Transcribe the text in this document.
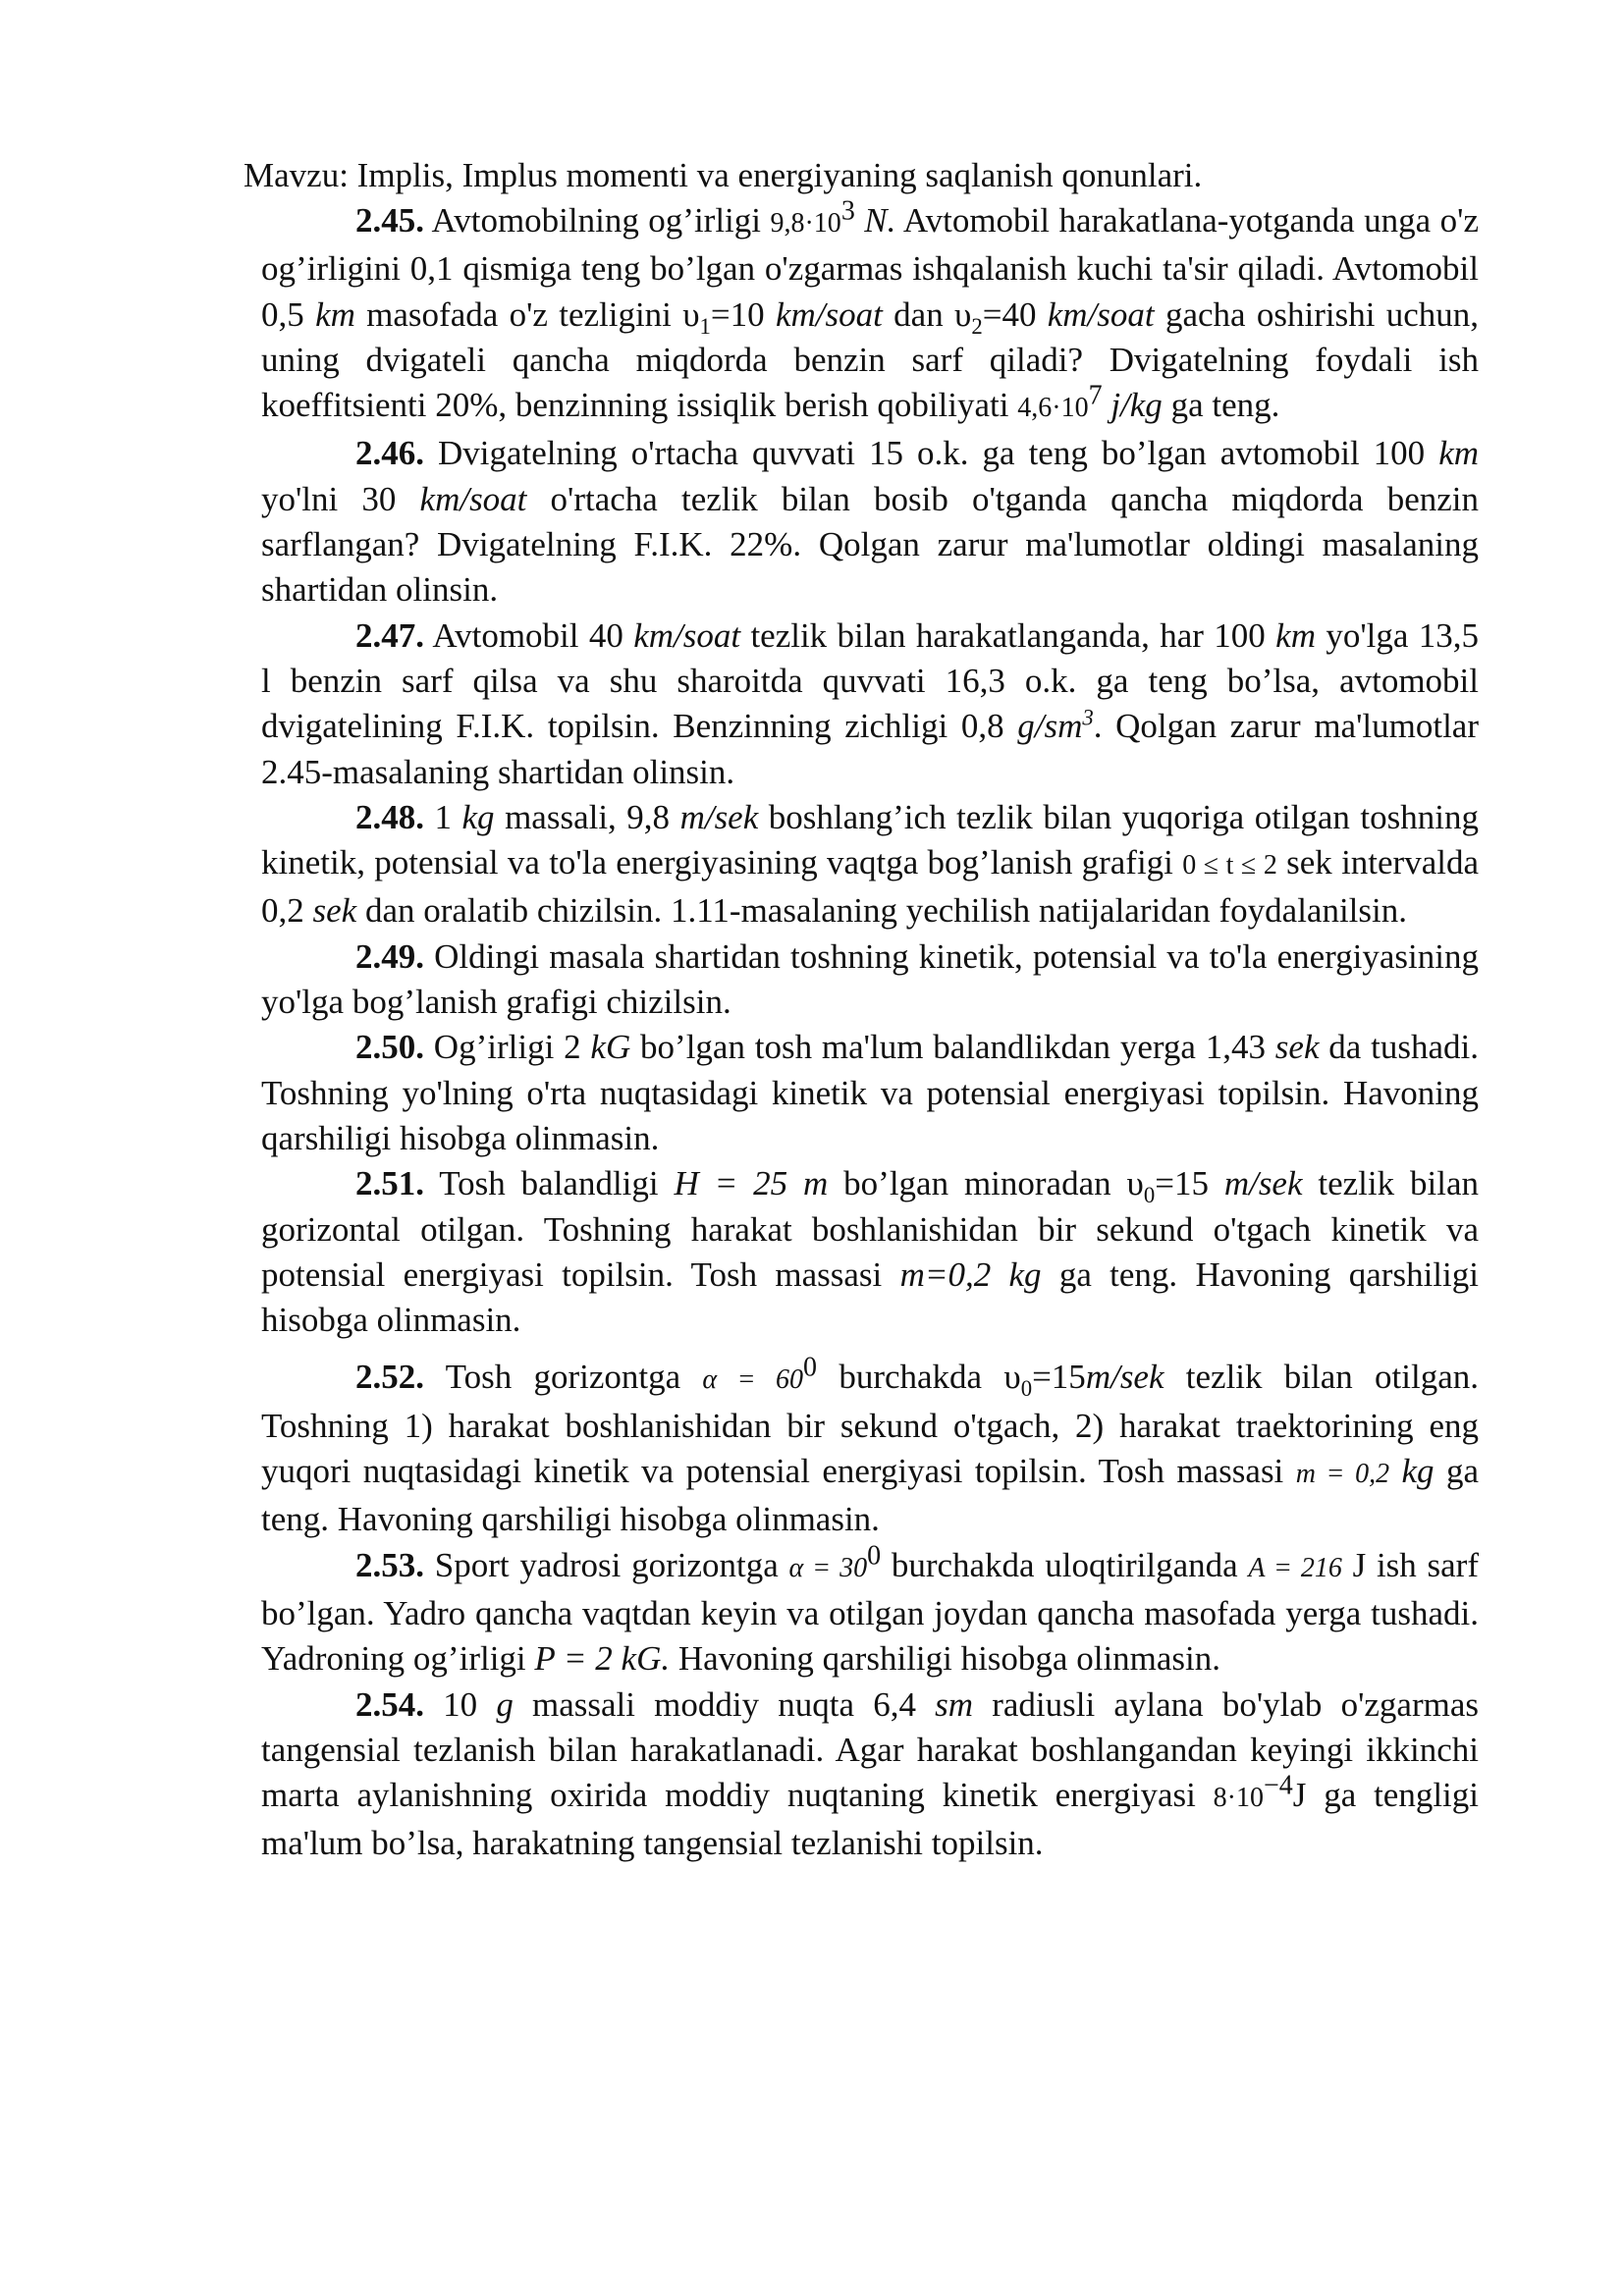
Mavzu: Implis, Implus momenti va energiyaning saqlanish qonunlari.

2.45. Avtomobilning og’irligi $9,8\cdot 10^3$ N. Avtomobil harakatlana-yotganda unga o'z og’irligini 0,1 qismiga teng bo’lgan o'zgarmas ishqalanish kuchi ta'sir qiladi. Avtomobil 0,5 km masofada o'z tezligini $\upsilon_1=10$ km/soat dan $\upsilon_2=40$ km/soat gacha oshirishi uchun, uning dvigateli qancha miqdorda benzin sarf qiladi? Dvigatelning foydali ish koeffitsienti 20%, benzinning issiqlik berish qobiliyati $4,6\cdot 10^7$ j/kg ga teng.

2.46. Dvigatelning o'rtacha quvvati 15 o.k. ga teng bo’lgan avtomobil 100 km yo'lni 30 km/soat o'rtacha tezlik bilan bosib o'tganda qancha miqdorda benzin sarflangan? Dvigatelning F.I.K. 22%. Qolgan zarur ma'lumotlar oldingi masalaning shartidan olinsin.

2.47. Avtomobil 40 km/soat tezlik bilan harakatlanganda, har 100 km yo'lga 13,5 l benzin sarf qilsa va shu sharoitda quvvati 16,3 o.k. ga teng bo’lsa, avtomobil dvigatelining F.I.K. topilsin. Benzinning zichligi 0,8 $g/sm^3$. Qolgan zarur ma'lumotlar 2.45-masalaning shartidan olinsin.

2.48. 1 kg massali, 9,8 m/sek boshlang’ich tezlik bilan yuqoriga otilgan toshning kinetik, potensial va to'la energiyasining vaqtga bog’lanish grafigi 0 ≤ t ≤ 2 sek intervalda 0,2 sek dan oralatib chizilsin. 1.11-masalaning yechilish natijalaridan foydalanilsin.

2.49. Oldingi masala shartidan toshning kinetik, potensial va to'la energiyasining yo'lga bog’lanish grafigi chizilsin.

2.50. Og’irligi 2 kG bo’lgan tosh ma'lum balandlikdan yerga 1,43 sek da tushadi. Toshning yo'lning o'rta nuqtasidagi kinetik va potensial energiyasi topilsin. Havoning qarshiligi hisobga olinmasin.

2.51. Tosh balandligi H = 25 m bo’lgan minoradan $\upsilon_0=15$ m/sek tezlik bilan gorizontal otilgan. Toshning harakat boshlanishidan bir sekund o'tgach kinetik va potensial energiyasi topilsin. Tosh massasi m=0,2 kg ga teng. Havoning qarshiligi hisobga olinmasin.

2.52. Tosh gorizontga $\alpha = 60^0$ burchakda $\upsilon_0=15m$/sek tezlik bilan otilgan. Toshning 1) harakat boshlanishidan bir sekund o'tgach, 2) harakat traektorining eng yuqori nuqtasidagi kinetik va potensial energiyasi topilsin. Tosh massasi m = 0,2 kg ga teng. Havoning qarshiligi hisobga olinmasin.

2.53. Sport yadrosi gorizontga $\alpha = 30^0$ burchakda uloqtirilganda A = 216 J ish sarf bo’lgan. Yadro qancha vaqtdan keyin va otilgan joydan qancha masofada yerga tushadi. Yadroning og’irligi P = 2 kG. Havoning qarshiligi hisobga olinmasin.

2.54. 10 g massali moddiy nuqta 6,4 sm radiusli aylana bo'ylab o'zgarmas tangensial tezlanish bilan harakatlanadi. Agar harakat boshlangandan keyingi ikkinchi marta aylanishning oxirida moddiy nuqtaning kinetik energiyasi $8\cdot 10^{-4}J$ ga tengligi ma'lum bo’lsa, harakatning tangensial tezlanishi topilsin.
